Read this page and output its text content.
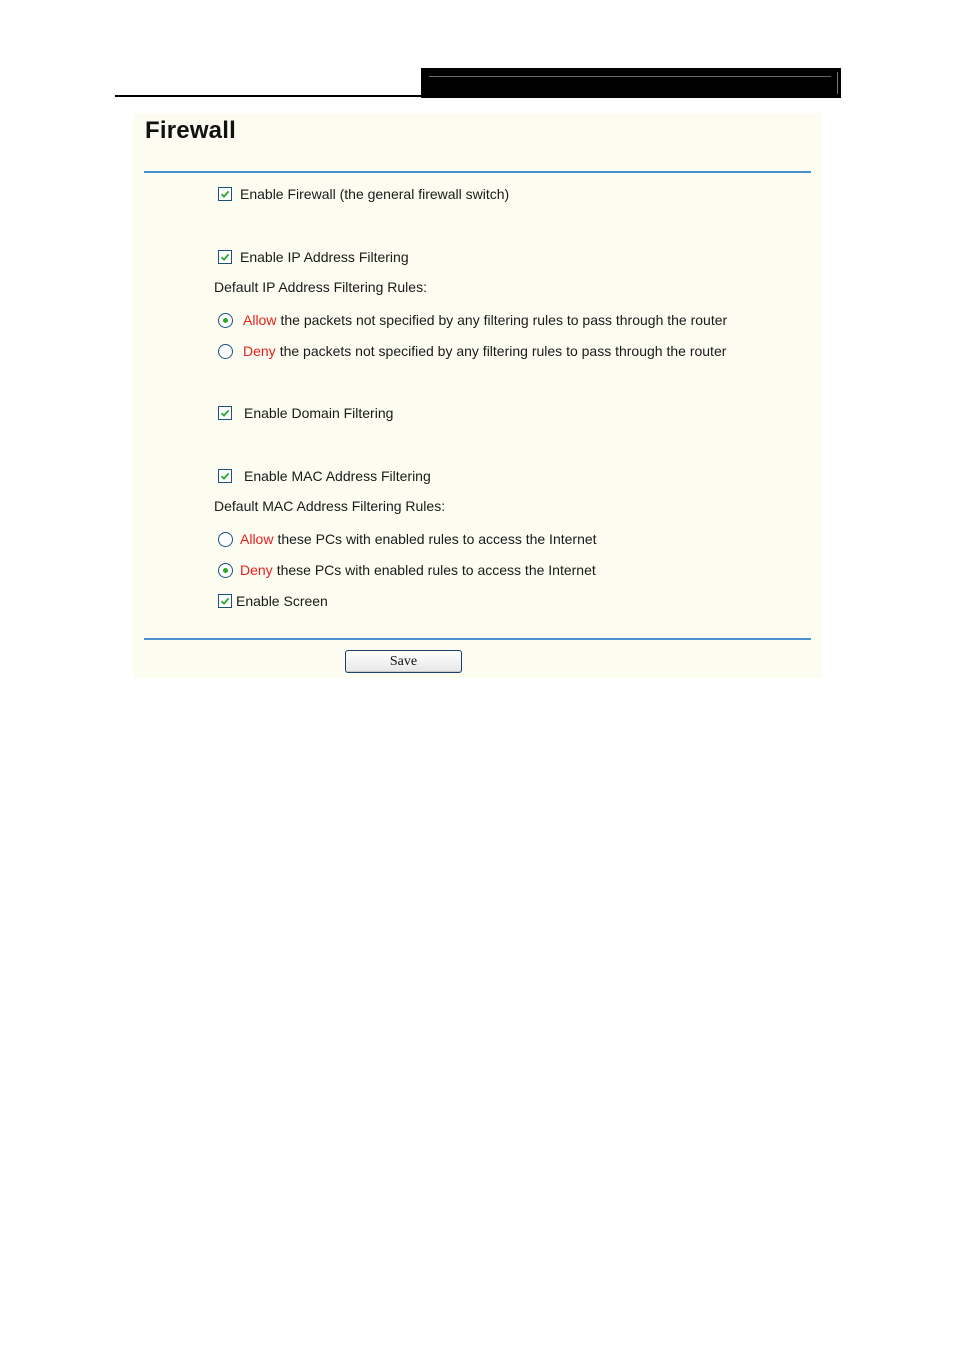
Firewall
Enable Firewall (the general firewall switch)
Enable IP Address Filtering
Default IP Address Filtering Rules:
Allow the packets not specified by any filtering rules to pass through the router
Deny the packets not specified by any filtering rules to pass through the router
Enable Domain Filtering
Enable MAC Address Filtering
Default MAC Address Filtering Rules:
Allow these PCs with enabled rules to access the Internet
Deny these PCs with enabled rules to access the Internet
Enable Screen
Save
